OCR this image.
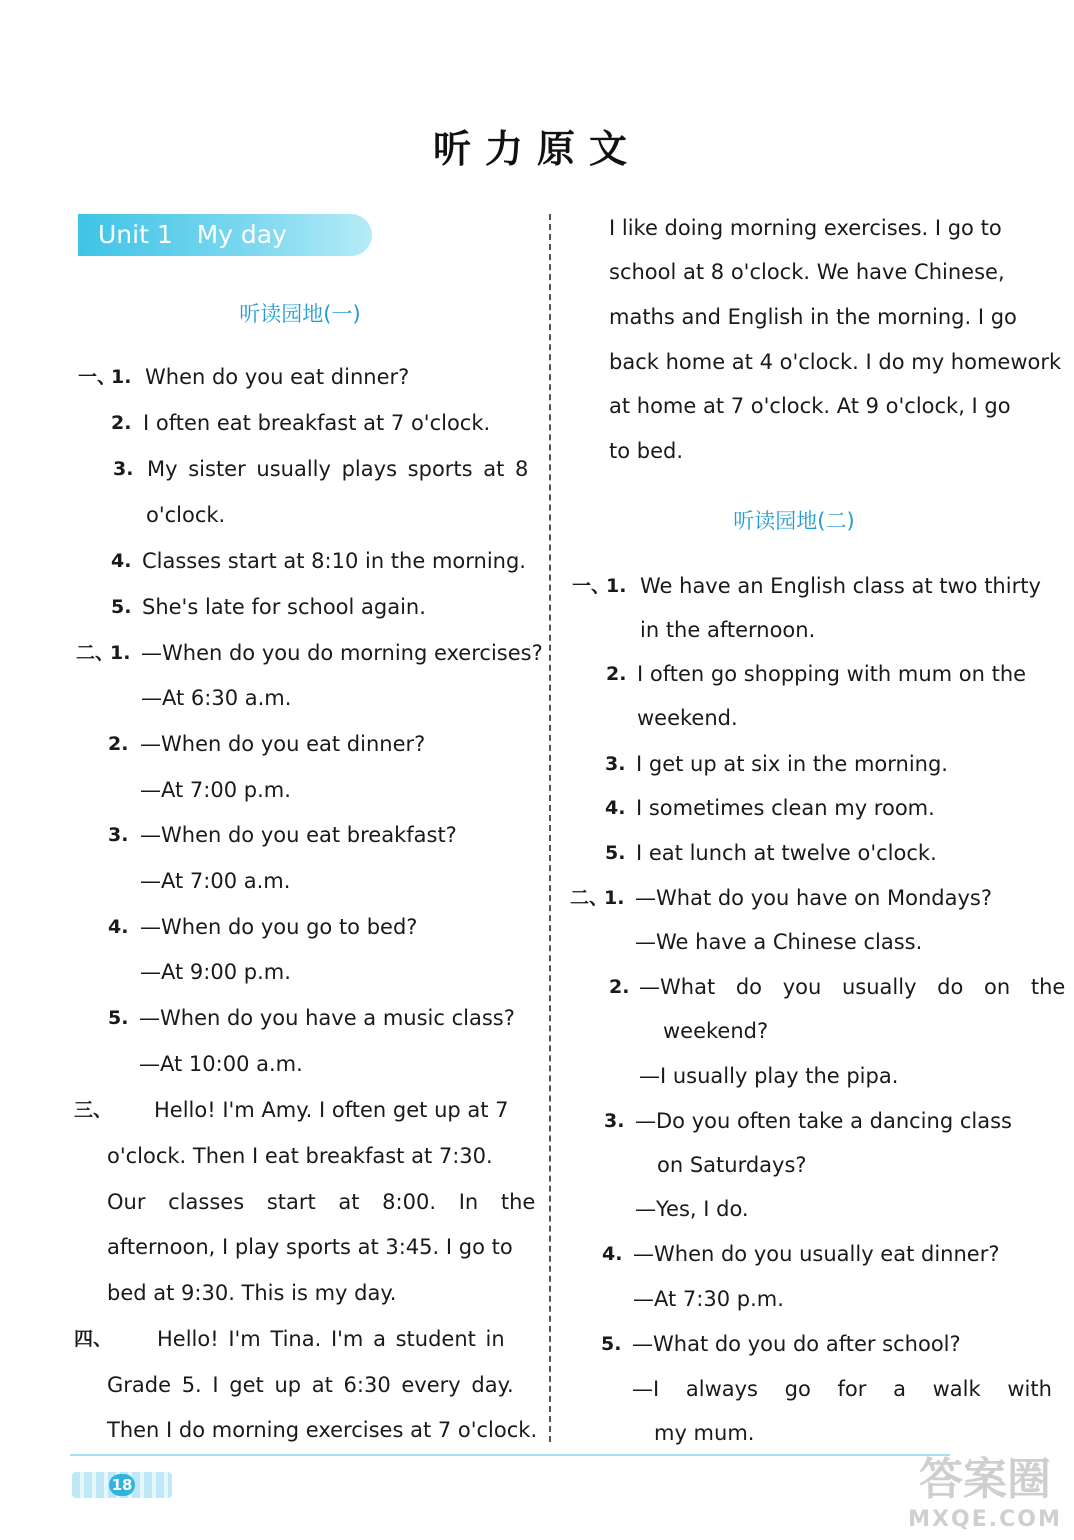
听力原文
Unit 1   My day
听读园地(一)
一、
1. When do you eat dinner?
2. I often eat breakfast at 7 o'clock.
3. My sister usually plays sports at 8
o'clock.
4. Classes start at 8:10 in the morning.
5. She's late for school again.
二、
1. —When do you do morning exercises?
—At 6:30 a.m.
2. —When do you eat dinner?
—At 7:00 p.m.
3. —When do you eat breakfast?
—At 7:00 a.m.
4. —When do you go to bed?
—At 9:00 p.m.
5. —When do you have a music class?
—At 10:00 a.m.
三、 Hello! I'm Amy. I often get up at 7
o'clock. Then I eat breakfast at 7:30.
Our classes start at 8:00. In the
afternoon, I play sports at 3:45. I go to
bed at 9:30. This is my day.
四、 Hello! I'm Tina. I'm a student in
Grade 5. I get up at 6:30 every day.
Then I do morning exercises at 7 o'clock.
I like doing morning exercises. I go to
school at 8 o'clock. We have Chinese,
maths and English in the morning. I go
back home at 4 o'clock. I do my homework
at home at 7 o'clock. At 9 o'clock, I go
to bed.
听读园地(二)
一、
1. We have an English class at two thirty
in the afternoon.
2. I often go shopping with mum on the
weekend.
3. I get up at six in the morning.
4. I sometimes clean my room.
5. I eat lunch at twelve o'clock.
二、
1. —What do you have on Mondays?
—We have a Chinese class.
2. —What do you usually do on the
weekend?
—I usually play the pipa.
3. —Do you often take a dancing class
on Saturdays?
—Yes, I do.
4. —When do you usually eat dinner?
—At 7:30 p.m.
5. —What do you do after school?
—I always go for a walk with
my mum.
18	答案圈
MXQE.COM
